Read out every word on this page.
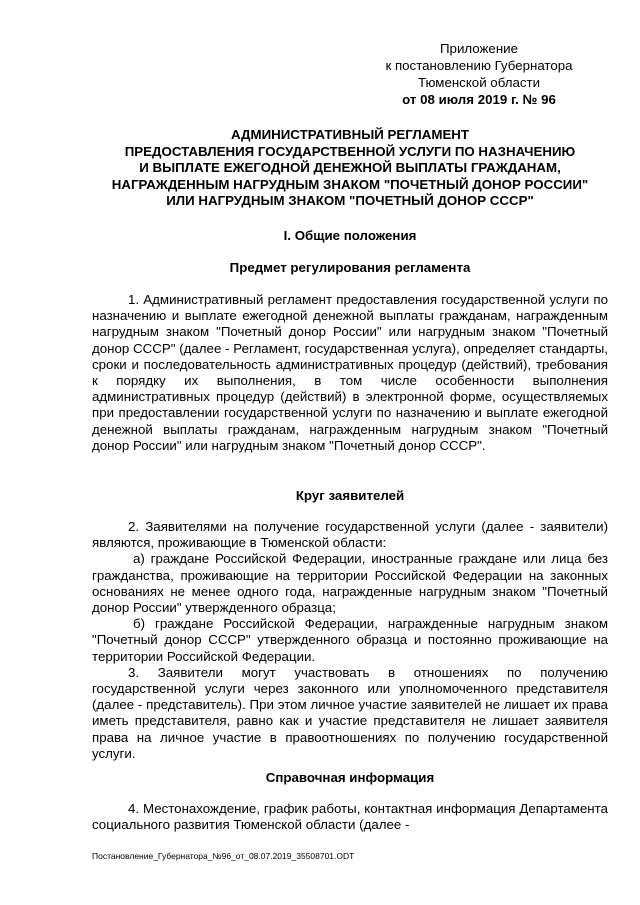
Приложение
к постановлению Губернатора
Тюменской области
от 08 июля 2019 г. № 96
АДМИНИСТРАТИВНЫЙ РЕГЛАМЕНТ
ПРЕДОСТАВЛЕНИЯ ГОСУДАРСТВЕННОЙ УСЛУГИ ПО НАЗНАЧЕНИЮ
И ВЫПЛАТЕ ЕЖЕГОДНОЙ ДЕНЕЖНОЙ ВЫПЛАТЫ ГРАЖДАНАМ,
НАГРАЖДЕННЫМ НАГРУДНЫМ ЗНАКОМ "ПОЧЕТНЫЙ ДОНОР РОССИИ"
ИЛИ НАГРУДНЫМ ЗНАКОМ "ПОЧЕТНЫЙ ДОНОР СССР"
I. Общие положения
Предмет регулирования регламента

1. Административный регламент предоставления государственной услуги по назначению и выплате ежегодной денежной выплаты гражданам, награжденным нагрудным знаком "Почетный донор России" или нагрудным знаком "Почетный донор СССР" (далее - Регламент, государственная услуга), определяет стандарты, сроки и последовательность административных процедур (действий), требования к порядку их выполнения, в том числе особенности выполнения административных процедур (действий) в электронной форме, осуществляемых при предоставлении государственной услуги по назначению и выплате ежегодной денежной выплаты гражданам, награжденным нагрудным знаком "Почетный донор России" или нагрудным знаком "Почетный донор СССР".

Круг заявителей

2. Заявителями на получение государственной услуги (далее - заявители) являются, проживающие в Тюменской области:

а) граждане Российской Федерации, иностранные граждане или лица без гражданства, проживающие на территории Российской Федерации на законных основаниях не менее одного года, награжденные нагрудным знаком "Почетный донор России" утвержденного образца;

б) граждане Российской Федерации, награжденные нагрудным знаком "Почетный донор СССР" утвержденного образца и постоянно проживающие на территории Российской Федерации.

3. Заявители могут участвовать в отношениях по получению государственной услуги через законного или уполномоченного представителя (далее - представитель). При этом личное участие заявителей не лишает их права иметь представителя, равно как и участие представителя не лишает заявителя права на личное участие в правоотношениях по получению государственной услуги.

Справочная информация

4. Местонахождение, график работы, контактная информация Департамента социального развития Тюменской области (далее -

Постановление_Губернатора_№96_от_08.07.2019_35508701.ODT
